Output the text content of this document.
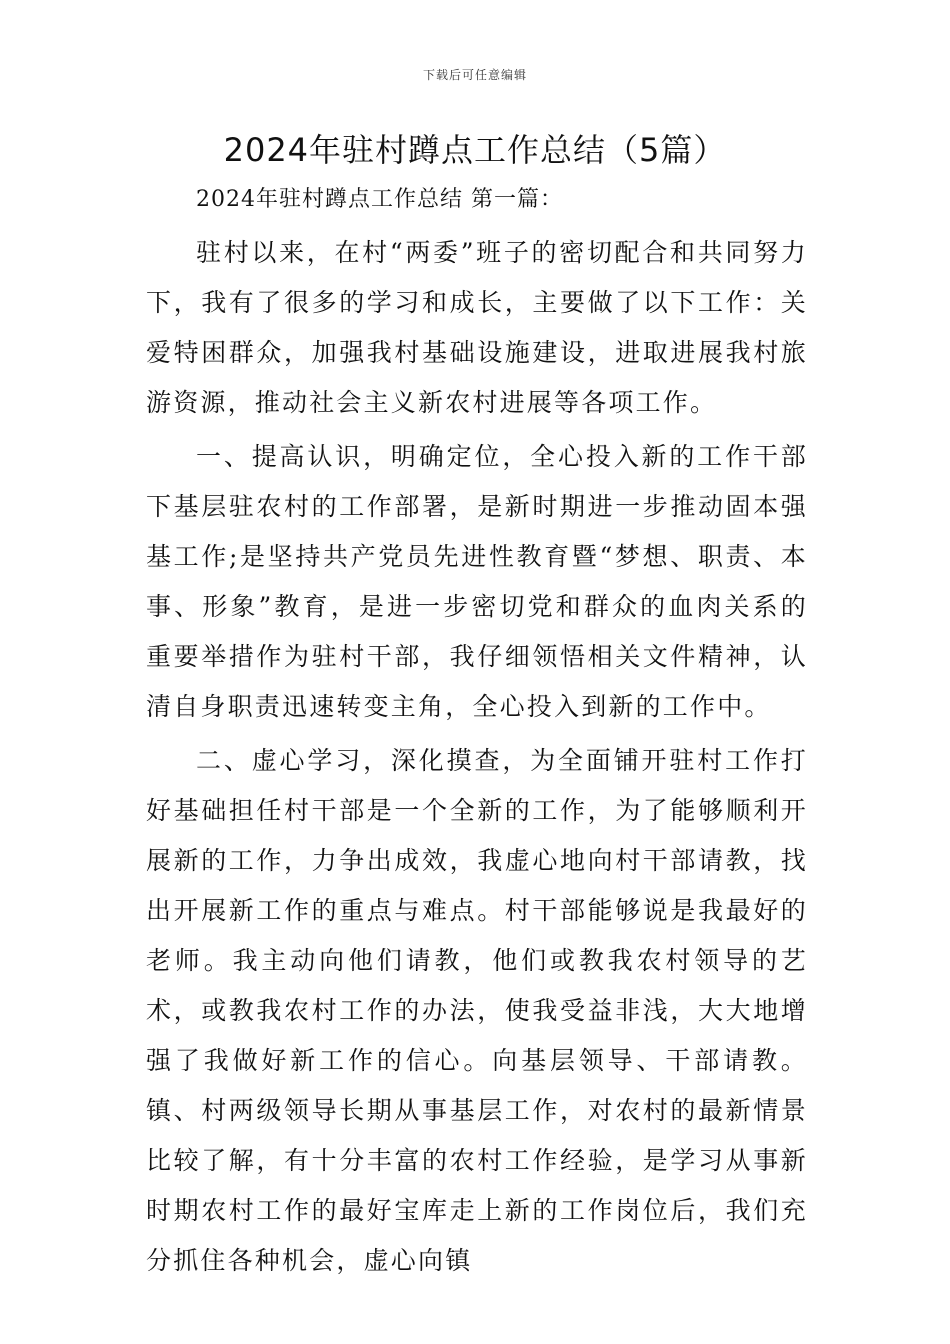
下载后可任意编辑
2024年驻村蹲点工作总结（5篇）
2024年驻村蹲点工作总结 第一篇：

驻村以来，在村“两委”班子的密切配合和共同努力下，我有了很多的学习和成长，主要做了以下工作：关爱特困群众，加强我村基础设施建设，进取进展我村旅游资源，推动社会主义新农村进展等各项工作。

一、提高认识，明确定位，全心投入新的工作干部下基层驻农村的工作部署，是新时期进一步推动固本强基工作;是坚持共产党员先进性教育暨“梦想、职责、本事、形象”教育，是进一步密切党和群众的血肉关系的重要举措作为驻村干部，我仔细领悟相关文件精神，认清自身职责迅速转变主角，全心投入到新的工作中。

二、虚心学习，深化摸查，为全面铺开驻村工作打好基础担任村干部是一个全新的工作，为了能够顺利开展新的工作，力争出成效，我虚心地向村干部请教，找出开展新工作的重点与难点。村干部能够说是我最好的老师。我主动向他们请教，他们或教我农村领导的艺术，或教我农村工作的办法，使我受益非浅，大大地增强了我做好新工作的信心。向基层领导、干部请教。镇、村两级领导长期从事基层工作，对农村的最新情景比较了解，有十分丰富的农村工作经验，是学习从事新时期农村工作的最好宝库走上新的工作岗位后，我们充分抓住各种机会，虚心向镇
